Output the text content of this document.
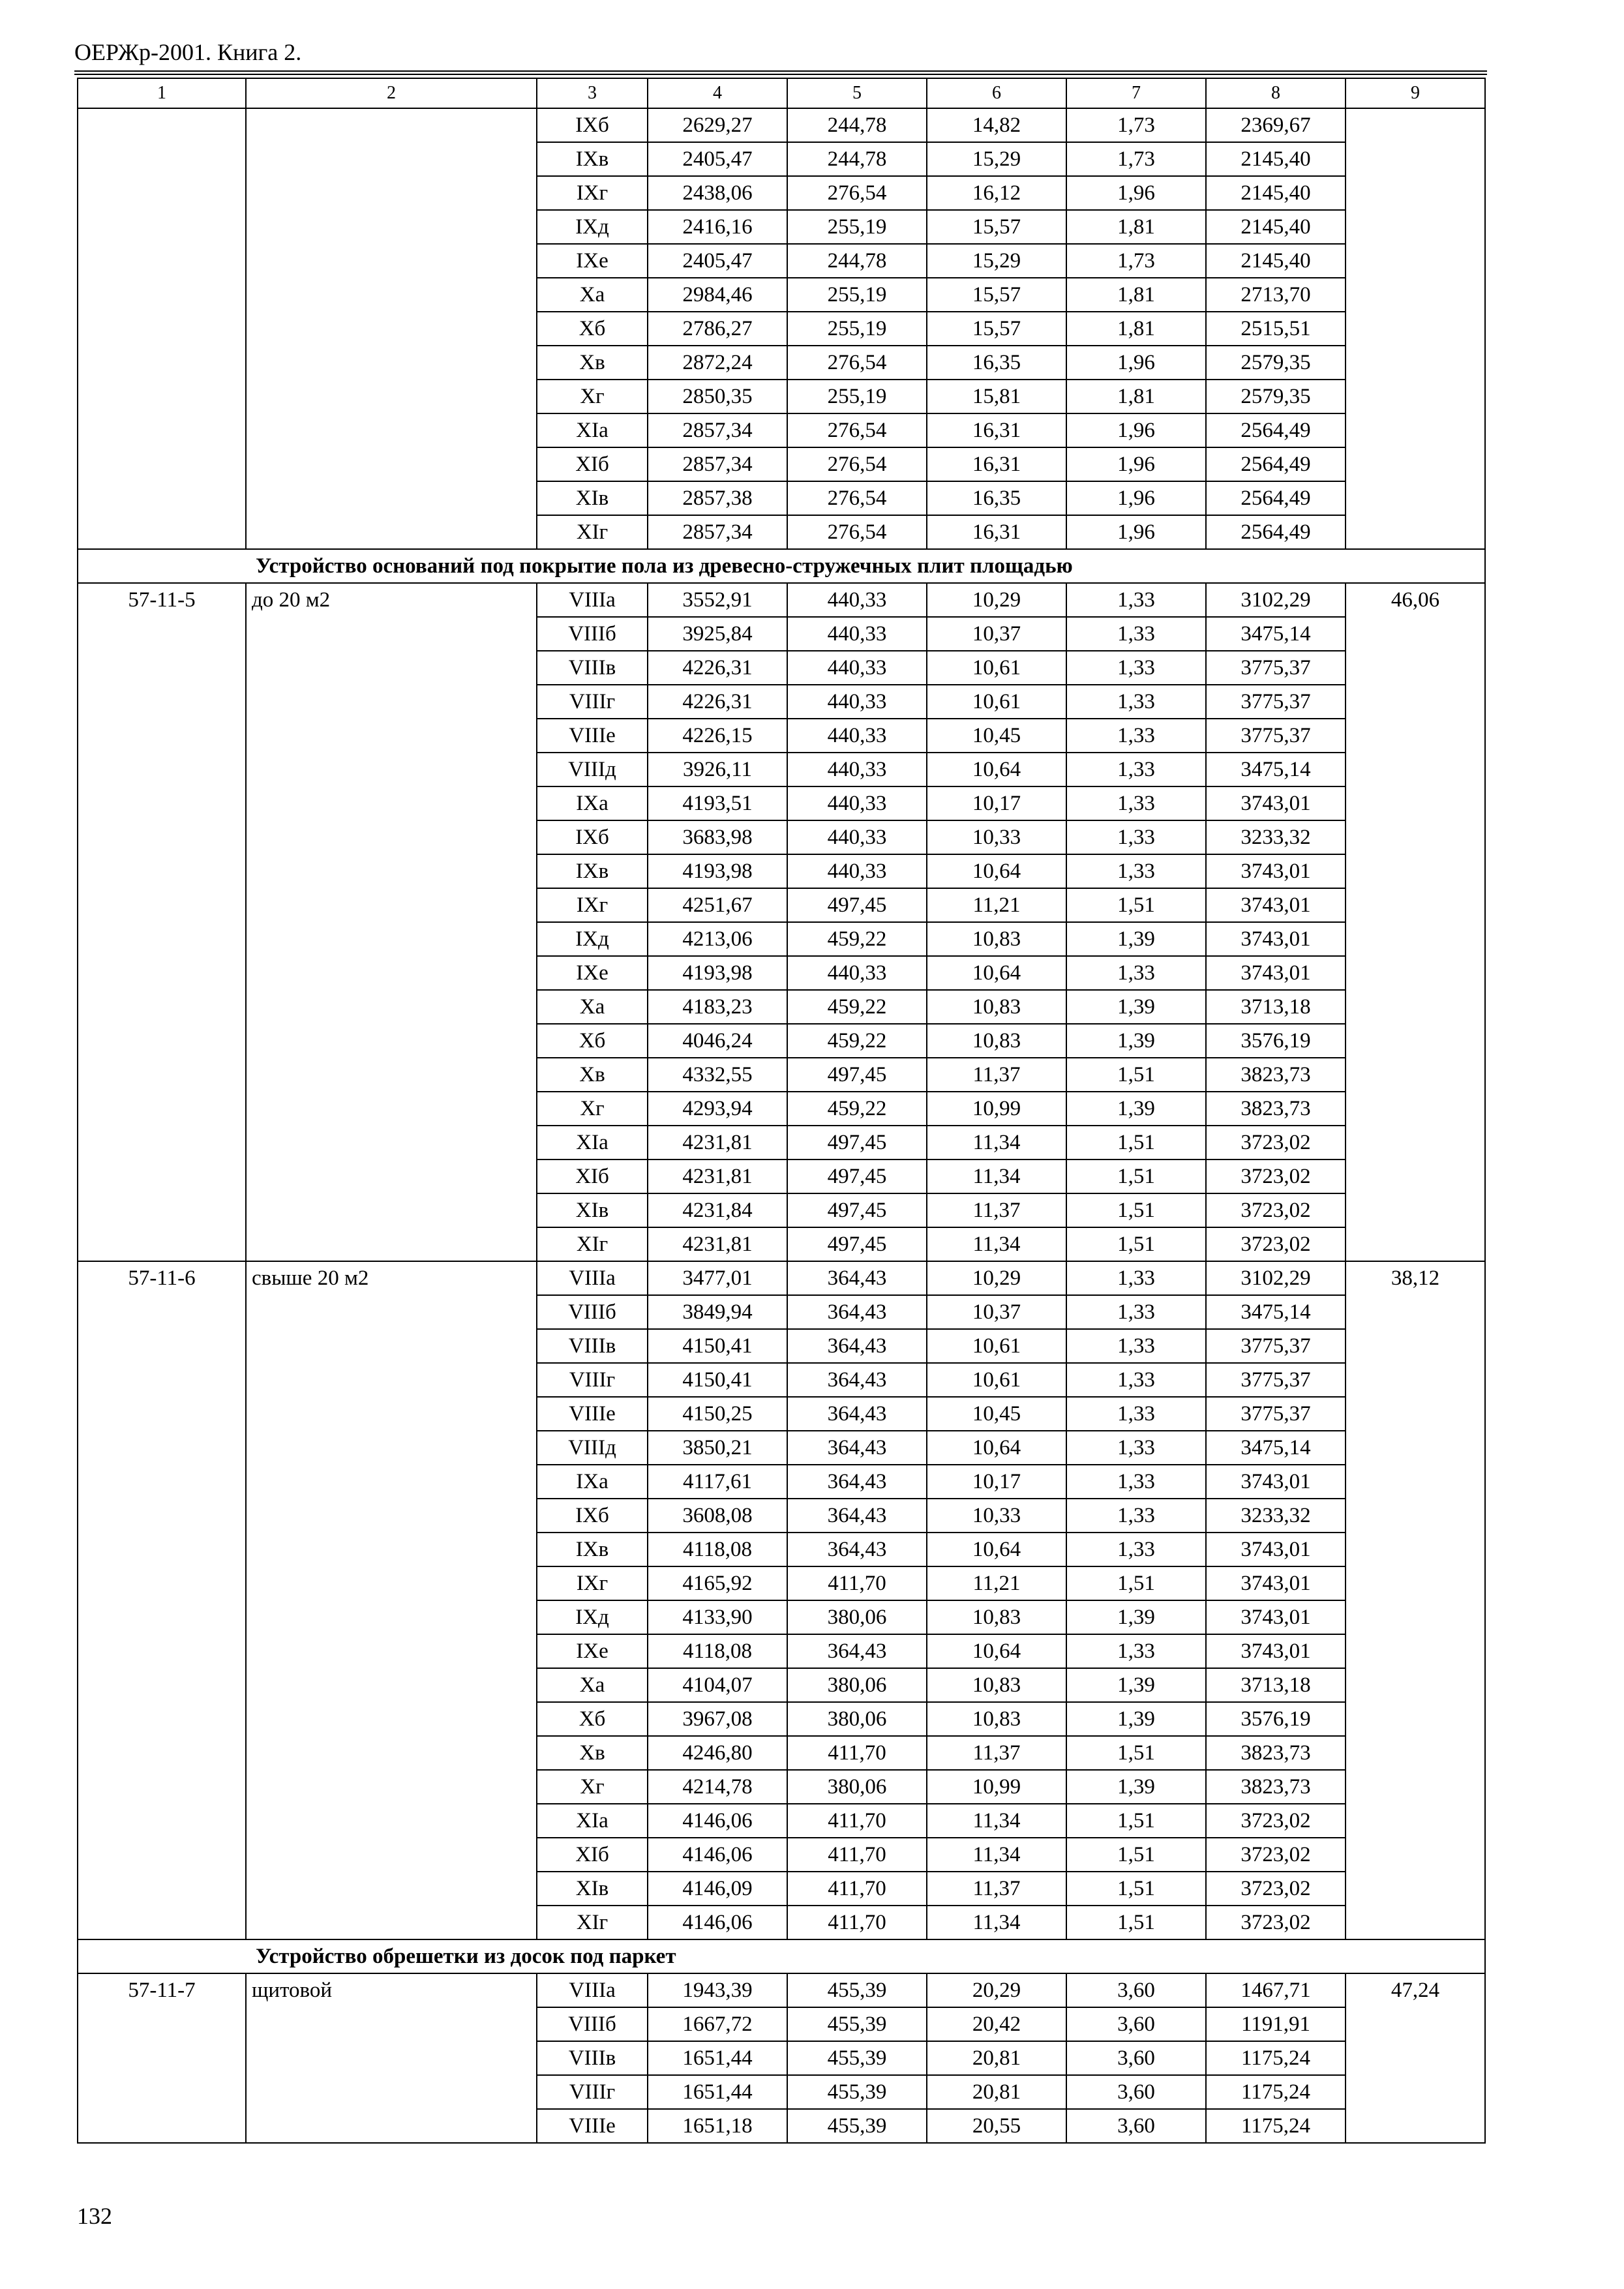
ОЕРЖр-2001. Книга 2.
1	2	3	4	5	6	7	8	9
		IXб	2629,27	244,78	14,82	1,73	2369,67	
		IXв	2405,47	244,78	15,29	1,73	2145,40	
		IXг	2438,06	276,54	16,12	1,96	2145,40	
		IXд	2416,16	255,19	15,57	1,81	2145,40	
		IXе	2405,47	244,78	15,29	1,73	2145,40	
		Xа	2984,46	255,19	15,57	1,81	2713,70	
		Xб	2786,27	255,19	15,57	1,81	2515,51	
		Xв	2872,24	276,54	16,35	1,96	2579,35	
		Xг	2850,35	255,19	15,81	1,81	2579,35	
		XIа	2857,34	276,54	16,31	1,96	2564,49	
		XIб	2857,34	276,54	16,31	1,96	2564,49	
		XIв	2857,38	276,54	16,35	1,96	2564,49	
		XIг	2857,34	276,54	16,31	1,96	2564,49	
Устройство оснований под покрытие пола из древесно-стружечных плит площадью								
57-11-5	до 20 м2	VIIIа	3552,91	440,33	10,29	1,33	3102,29	46,06
		VIIIб	3925,84	440,33	10,37	1,33	3475,14	
		VIIIв	4226,31	440,33	10,61	1,33	3775,37	
		VIIIг	4226,31	440,33	10,61	1,33	3775,37	
		VIIIе	4226,15	440,33	10,45	1,33	3775,37	
		VIIIд	3926,11	440,33	10,64	1,33	3475,14	
		IXа	4193,51	440,33	10,17	1,33	3743,01	
		IXб	3683,98	440,33	10,33	1,33	3233,32	
		IXв	4193,98	440,33	10,64	1,33	3743,01	
		IXг	4251,67	497,45	11,21	1,51	3743,01	
		IXд	4213,06	459,22	10,83	1,39	3743,01	
		IXе	4193,98	440,33	10,64	1,33	3743,01	
		Xа	4183,23	459,22	10,83	1,39	3713,18	
		Xб	4046,24	459,22	10,83	1,39	3576,19	
		Xв	4332,55	497,45	11,37	1,51	3823,73	
		Xг	4293,94	459,22	10,99	1,39	3823,73	
		XIа	4231,81	497,45	11,34	1,51	3723,02	
		XIб	4231,81	497,45	11,34	1,51	3723,02	
		XIв	4231,84	497,45	11,37	1,51	3723,02	
		XIг	4231,81	497,45	11,34	1,51	3723,02	
57-11-6	свыше 20 м2	VIIIа	3477,01	364,43	10,29	1,33	3102,29	38,12
		VIIIб	3849,94	364,43	10,37	1,33	3475,14	
		VIIIв	4150,41	364,43	10,61	1,33	3775,37	
		VIIIг	4150,41	364,43	10,61	1,33	3775,37	
		VIIIе	4150,25	364,43	10,45	1,33	3775,37	
		VIIIд	3850,21	364,43	10,64	1,33	3475,14	
		IXа	4117,61	364,43	10,17	1,33	3743,01	
		IXб	3608,08	364,43	10,33	1,33	3233,32	
		IXв	4118,08	364,43	10,64	1,33	3743,01	
		IXг	4165,92	411,70	11,21	1,51	3743,01	
		IXд	4133,90	380,06	10,83	1,39	3743,01	
		IXе	4118,08	364,43	10,64	1,33	3743,01	
		Xа	4104,07	380,06	10,83	1,39	3713,18	
		Xб	3967,08	380,06	10,83	1,39	3576,19	
		Xв	4246,80	411,70	11,37	1,51	3823,73	
		Xг	4214,78	380,06	10,99	1,39	3823,73	
		XIа	4146,06	411,70	11,34	1,51	3723,02	
		XIб	4146,06	411,70	11,34	1,51	3723,02	
		XIв	4146,09	411,70	11,37	1,51	3723,02	
		XIг	4146,06	411,70	11,34	1,51	3723,02	
Устройство обрешетки из досок под паркет								
57-11-7	щитовой	VIIIа	1943,39	455,39	20,29	3,60	1467,71	47,24
		VIIIб	1667,72	455,39	20,42	3,60	1191,91	
		VIIIв	1651,44	455,39	20,81	3,60	1175,24	
		VIIIг	1651,44	455,39	20,81	3,60	1175,24	
		VIIIе	1651,18	455,39	20,55	3,60	1175,24	
132
